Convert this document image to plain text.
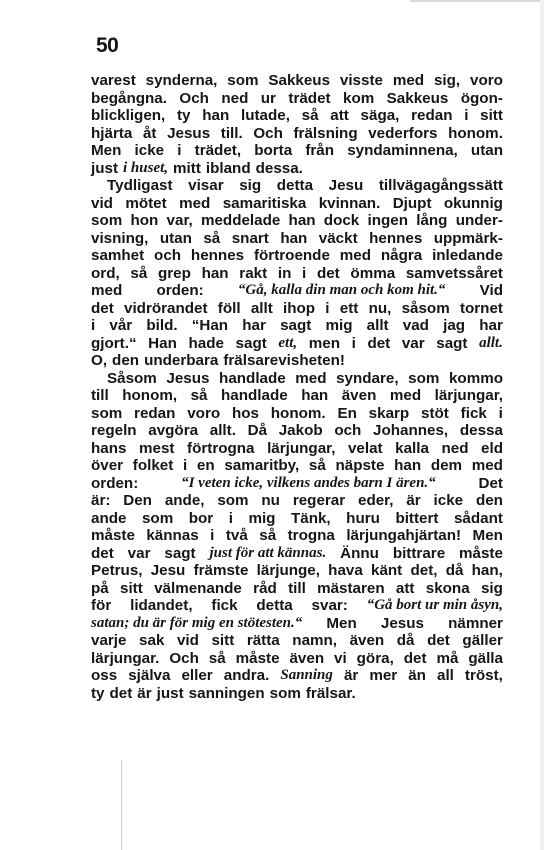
50
varest synderna, som Sakkeus visste med sig, voro
begångna. Och ned ur trädet kom Sakkeus ögon-
blickligen, ty han lutade, så att säga, redan i sitt
hjärta åt Jesus till. Och frälsning vederfors honom.
Men icke i trädet, borta från syndaminnena, utan
just i huset, mitt ibland dessa.
Tydligast visar sig detta Jesu tillvägagångssätt
vid mötet med samaritiska kvinnan. Djupt okunnig
som hon var, meddelade han dock ingen lång under-
visning, utan så snart han väckt hennes uppmärk-
samhet och hennes förtroende med några inledande
ord, så grep han rakt in i det ömma samvetssåret
med orden: “Gå, kalla din man och kom hit.“ Vid
det vidrörandet föll allt ihop i ett nu, såsom tornet
i vår bild. “Han har sagt mig allt vad jag har
gjort.“ Han hade sagt ett, men i det var sagt allt.
O, den underbara frälsarevisheten!
Såsom Jesus handlade med syndare, som kommo
till honom, så handlade han även med lärjungar,
som redan voro hos honom. En skarp stöt fick i
regeln avgöra allt. Då Jakob och Johannes, dessa
hans mest förtrogna lärjungar, velat kalla ned eld
över folket i en samaritby, så näpste han dem med
orden:	“I veten icke, vilkens andes barn I ären.“	Det
är: Den ande, som nu regerar eder, är icke den
ande som bor i mig Tänk, huru bittert sådant
måste kännas i två så trogna lärjungahjärtan! Men
det var sagt just för att kännas. Ännu bittrare måste
Petrus, Jesu främste lärjunge, hava känt det, då han,
på sitt välmenande råd till mästaren att skona sig
för lidandet, fick detta svar: “Gå bort ur min åsyn,
satan; du är för mig en stötesten.“ Men Jesus nämner
varje sak vid sitt rätta namn, även då det gäller
lärjungar. Och så måste även vi göra, det må gälla
oss själva eller andra. Sanning är mer än all tröst,
ty det är just sanningen som frälsar.
